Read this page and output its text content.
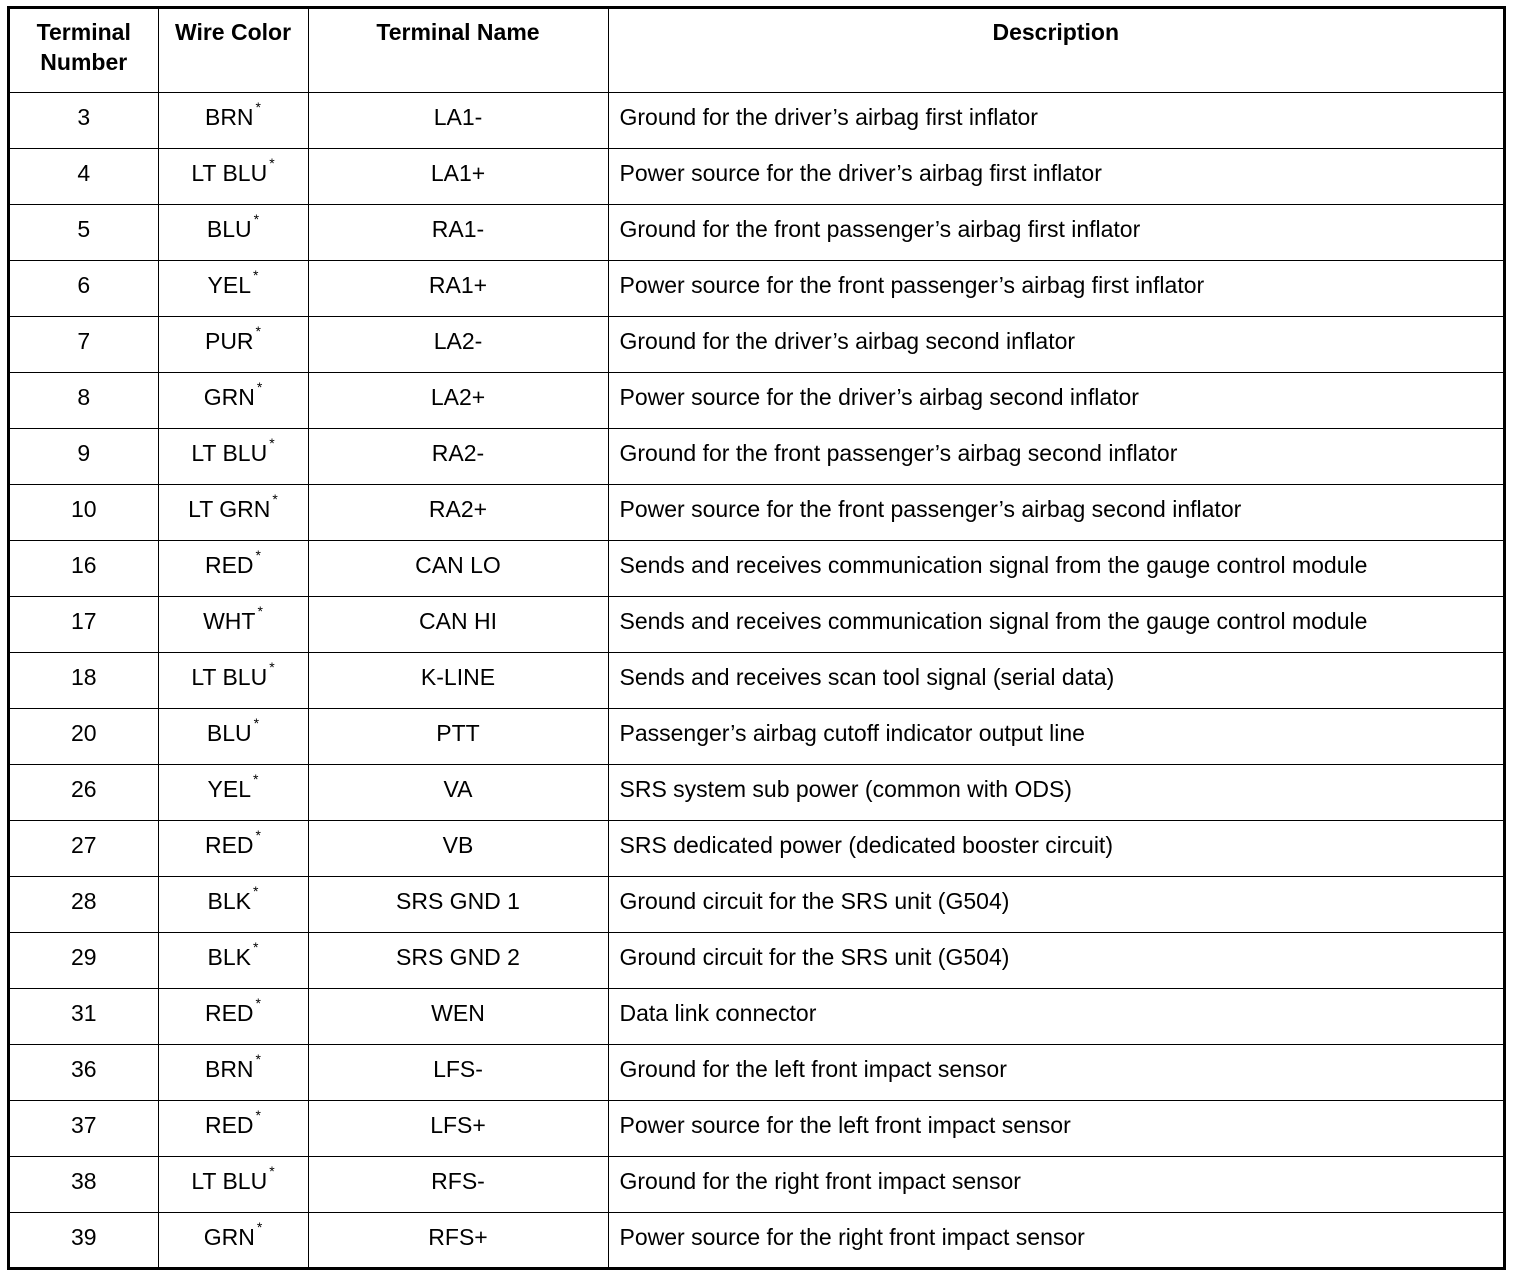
Terminal Number	Wire Color	Terminal Name	Description
3	BRN *	LA1-	Ground for the driver’s airbag first inflator
4	LT BLU *	LA1+	Power source for the driver’s airbag first inflator
5	BLU *	RA1-	Ground for the front passenger’s airbag first inflator
6	YEL *	RA1+	Power source for the front passenger’s airbag first inflator
7	PUR *	LA2-	Ground for the driver’s airbag second inflator
8	GRN *	LA2+	Power source for the driver’s airbag second inflator
9	LT BLU *	RA2-	Ground for the front passenger’s airbag second inflator
10	LT GRN *	RA2+	Power source for the front passenger’s airbag second inflator
16	RED *	CAN LO	Sends and receives communication signal from the gauge control module
17	WHT *	CAN HI	Sends and receives communication signal from the gauge control module
18	LT BLU *	K-LINE	Sends and receives scan tool signal (serial data)
20	BLU *	PTT	Passenger’s airbag cutoff indicator output line
26	YEL *	VA	SRS system sub power (common with ODS)
27	RED *	VB	SRS dedicated power (dedicated booster circuit)
28	BLK *	SRS GND 1	Ground circuit for the SRS unit (G504)
29	BLK *	SRS GND 2	Ground circuit for the SRS unit (G504)
31	RED *	WEN	Data link connector
36	BRN *	LFS-	Ground for the left front impact sensor
37	RED *	LFS+	Power source for the left front impact sensor
38	LT BLU *	RFS-	Ground for the right front impact sensor
39	GRN *	RFS+	Power source for the right front impact sensor
